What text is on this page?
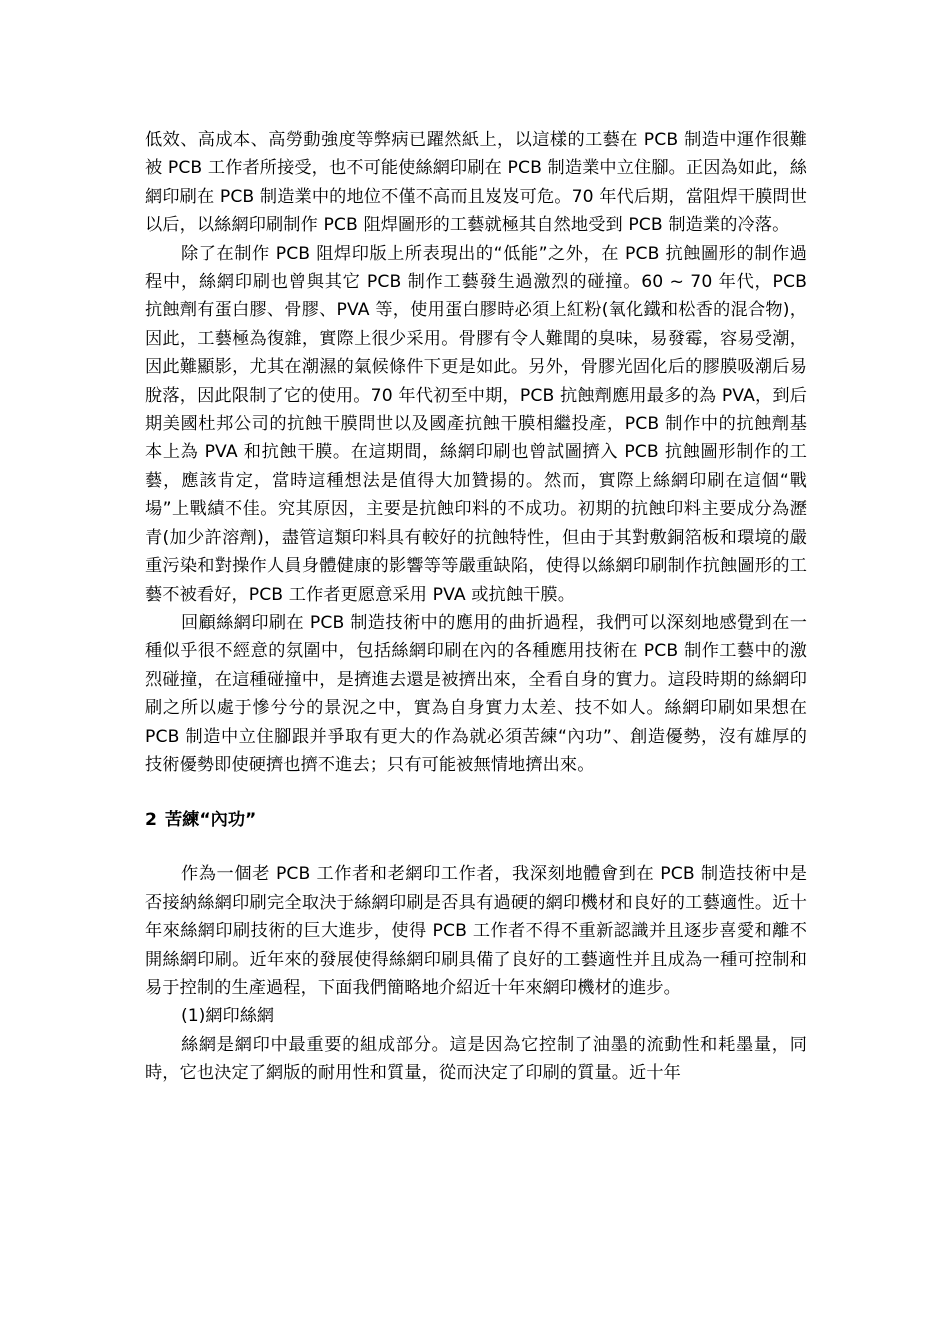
低效、高成本、高勞動強度等弊病已躍然紙上，以這樣的工藝在 PCB 制造中運作很難被 PCB 工作者所接受，也不可能使絲網印刷在 PCB 制造業中立住腳。正因為如此，絲網印刷在 PCB 制造業中的地位不僅不高而且岌岌可危。70 年代后期，當阻焊干膜問世以后，以絲網印刷制作 PCB 阻焊圖形的工藝就極其自然地受到 PCB 制造業的冷落。

除了在制作 PCB 阻焊印版上所表現出的“低能”之外，在 PCB 抗蝕圖形的制作過程中，絲網印刷也曾與其它 PCB 制作工藝發生過激烈的碰撞。60 ~ 70 年代，PCB 抗蝕劑有蛋白膠、骨膠、PVA 等，使用蛋白膠時必須上紅粉(氧化鐵和松香的混合物)，因此，工藝極為復雜，實際上很少采用。骨膠有令人難聞的臭味，易發霉，容易受潮，因此難顯影，尤其在潮濕的氣候條件下更是如此。另外，骨膠光固化后的膠膜吸潮后易脫落，因此限制了它的使用。70 年代初至中期，PCB 抗蝕劑應用最多的為 PVA，到后期美國杜邦公司的抗蝕干膜問世以及國產抗蝕干膜相繼投產，PCB 制作中的抗蝕劑基本上為 PVA 和抗蝕干膜。在這期間，絲網印刷也曾試圖擠入 PCB 抗蝕圖形制作的工藝，應該肯定，當時這種想法是值得大加贊揚的。然而，實際上絲網印刷在這個“戰場”上戰績不佳。究其原因，主要是抗蝕印料的不成功。初期的抗蝕印料主要成分為瀝青(加少許溶劑)，盡管這類印料具有較好的抗蝕特性，但由于其對敷銅箔板和環境的嚴重污染和對操作人員身體健康的影響等等嚴重缺陷，使得以絲網印刷制作抗蝕圖形的工藝不被看好，PCB 工作者更愿意采用 PVA 或抗蝕干膜。

回顧絲網印刷在 PCB 制造技術中的應用的曲折過程，我們可以深刻地感覺到在一種似乎很不經意的氛圍中，包括絲網印刷在內的各種應用技術在 PCB 制作工藝中的激烈碰撞，在這種碰撞中，是擠進去還是被擠出來，全看自身的實力。這段時期的絲網印刷之所以處于慘兮兮的景況之中，實為自身實力太差、技不如人。絲網印刷如果想在 PCB 制造中立住腳跟并爭取有更大的作為就必須苦練“內功”、創造優勢，沒有雄厚的技術優勢即使硬擠也擠不進去；只有可能被無情地擠出來。

2 苦練“內功”

作為一個老 PCB 工作者和老網印工作者，我深刻地體會到在 PCB 制造技術中是否接納絲網印刷完全取決于絲網印刷是否具有過硬的網印機材和良好的工藝適性。近十年來絲網印刷技術的巨大進步，使得 PCB 工作者不得不重新認識并且逐步喜愛和離不開絲網印刷。近年來的發展使得絲網印刷具備了良好的工藝適性并且成為一種可控制和易于控制的生產過程，下面我們簡略地介紹近十年來網印機材的進步。

(1)網印絲網

絲網是網印中最重要的組成部分。這是因為它控制了油墨的流動性和耗墨量，同時，它也決定了網版的耐用性和質量，從而決定了印刷的質量。近十年
